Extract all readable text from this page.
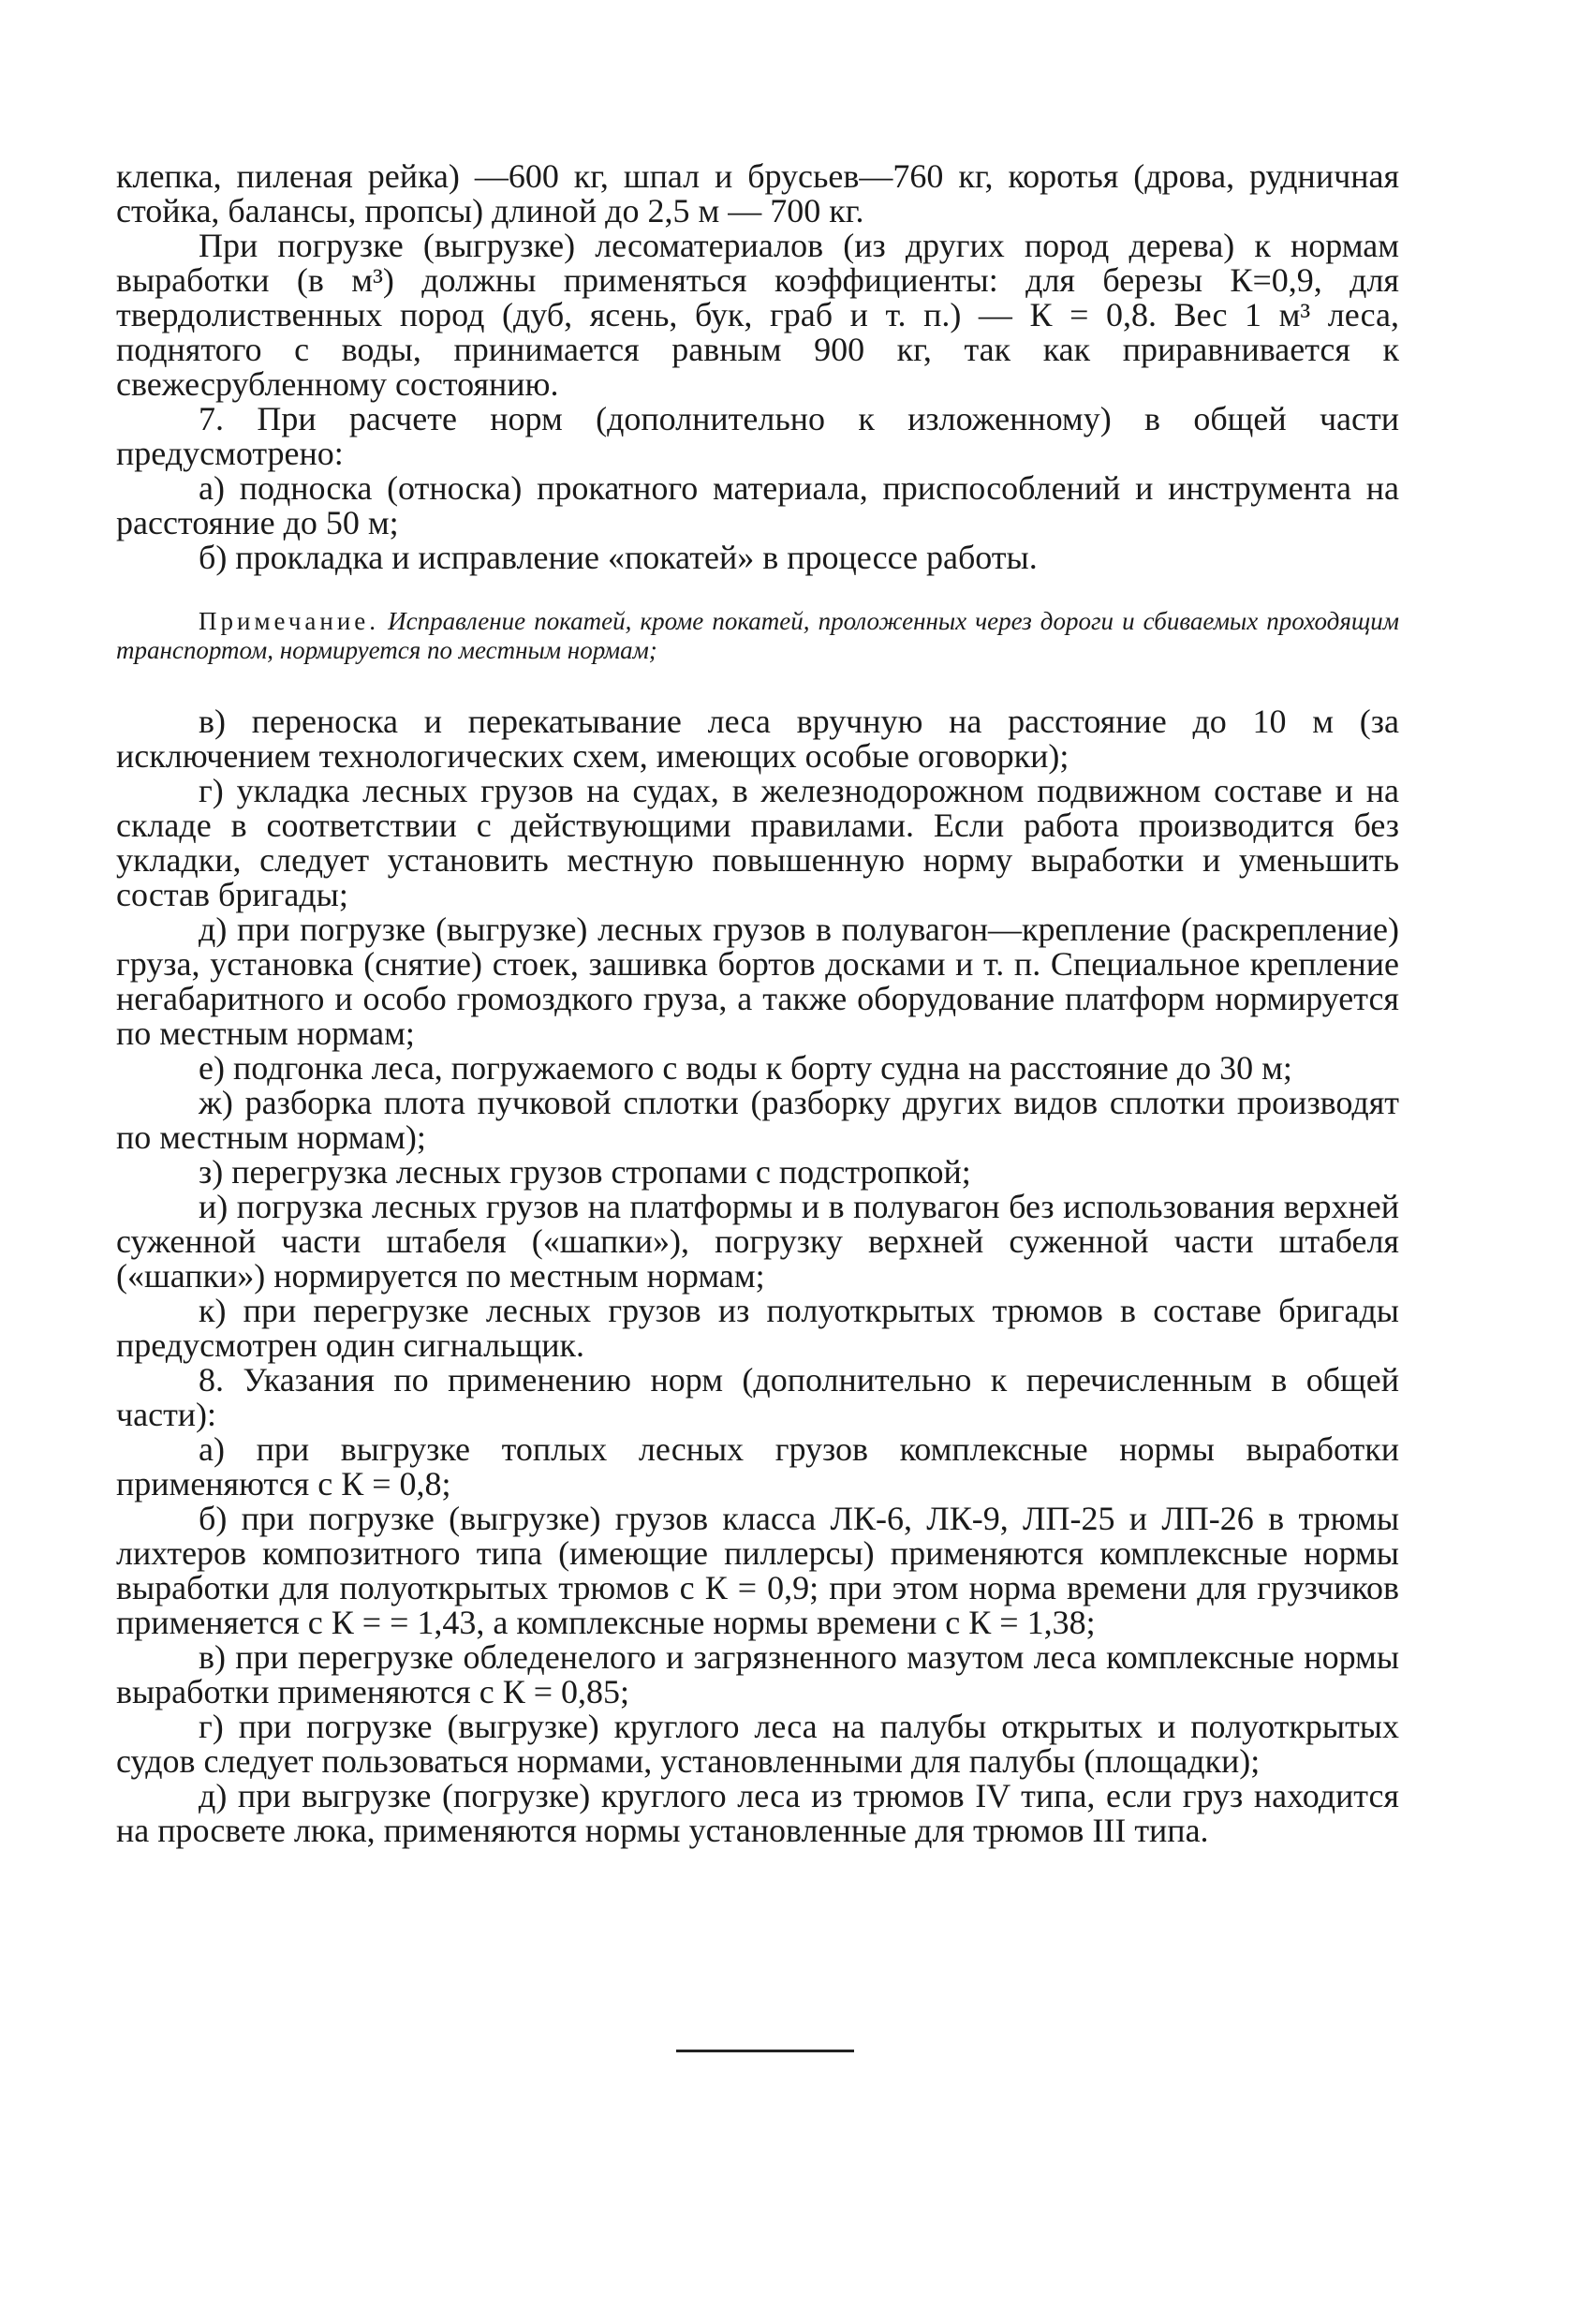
клепка, пиленая рейка) —600 кг, шпал и брусьев—760 кг, коротья (дрова, рудничная стойка, балансы, пропсы) длиной до 2,5 м — 700 кг.

При погрузке (выгрузке) лесоматериалов (из других пород дерева) к нормам выработки (в м³) должны применяться коэффициенты: для березы К=0,9, для твердолиственных пород (дуб, ясень, бук, граб и т. п.) — К = 0,8. Вес 1 м³ леса, поднятого с воды, принимается равным 900 кг, так как приравнивается к свежесрубленному состоянию.

7. При расчете норм (дополнительно к изложенному) в общей части предусмотрено:

а) подноска (относка) прокатного материала, приспособлений и инструмента на расстояние до 50 м;

б) прокладка и исправление «покатей» в процессе работы.

Примечание. Исправление покатей, кроме покатей, проложенных через дороги и сбиваемых проходящим транспортом, нормируется по местным нормам;

в) переноска и перекатывание леса вручную на расстояние до 10 м (за исключением технологических схем, имеющих особые оговорки);

г) укладка лесных грузов на судах, в железнодорожном подвижном составе и на складе в соответствии с действующими правилами. Если работа производится без укладки, следует установить местную повышенную норму выработки и уменьшить состав бригады;

д) при погрузке (выгрузке) лесных грузов в полувагон—крепление (раскрепление) груза, установка (снятие) стоек, зашивка бортов досками и т. п. Специальное крепление негабаритного и особо громоздкого груза, а также оборудование платформ нормируется по местным нормам;

е) подгонка леса, погружаемого с воды к борту судна на расстояние до 30 м;

ж) разборка плота пучковой сплотки (разборку других видов сплотки производят по местным нормам);

з) перегрузка лесных грузов стропами с подстропкой;

и) погрузка лесных грузов на платформы и в полувагон без использования верхней суженной части штабеля («шапки»), погрузку верхней суженной части штабеля («шапки») нормируется по местным нормам;

к) при перегрузке лесных грузов из полуоткрытых трюмов в составе бригады предусмотрен один сигнальщик.

8. Указания по применению норм (дополнительно к перечисленным в общей части):

а) при выгрузке топлых лесных грузов комплексные нормы выработки применяются с К = 0,8;

б) при погрузке (выгрузке) грузов класса ЛК-6, ЛК-9, ЛП-25 и ЛП-26 в трюмы лихтеров композитного типа (имеющие пиллерсы) применяются комплексные нормы выработки для полуоткрытых трюмов с К = 0,9; при этом норма времени для грузчиков применяется с К = = 1,43, а комплексные нормы времени с К = 1,38;

в) при перегрузке обледенелого и загрязненного мазутом леса комплексные нормы выработки применяются с К = 0,85;

г) при погрузке (выгрузке) круглого леса на палубы открытых и полуоткрытых судов следует пользоваться нормами, установленными для палубы (площадки);

д) при выгрузке (погрузке) круглого леса из трюмов IV типа, если груз находится на просвете люка, применяются нормы установленные для трюмов III типа.
